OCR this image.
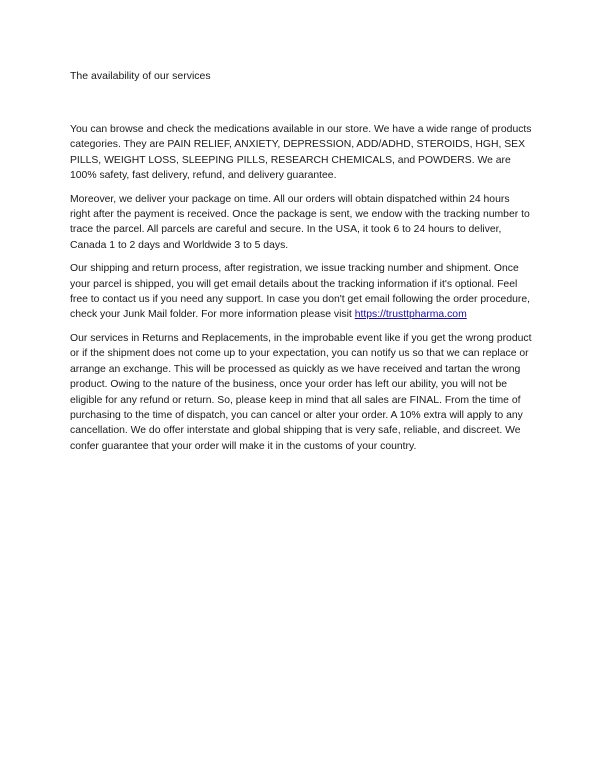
The availability of our services

You can browse and check the medications available in our store. We have a wide range of products categories. They are PAIN RELIEF, ANXIETY, DEPRESSION, ADD/ADHD, STEROIDS, HGH, SEX PILLS, WEIGHT LOSS, SLEEPING PILLS, RESEARCH CHEMICALS, and POWDERS. We are 100% safety, fast delivery, refund, and delivery guarantee.

Moreover, we deliver your package on time. All our orders will obtain dispatched within 24 hours right after the payment is received. Once the package is sent, we endow with the tracking number to trace the parcel. All parcels are careful and secure. In the USA, it took 6 to 24 hours to deliver, Canada 1 to 2 days and Worldwide 3 to 5 days.

Our shipping and return process, after registration, we issue tracking number and shipment. Once your parcel is shipped, you will get email details about the tracking information if it's optional. Feel free to contact us if you need any support. In case you don't get email following the order procedure, check your Junk Mail folder. For more information please visit https://trusttpharma.com

Our services in Returns and Replacements, in the improbable event like if you get the wrong product or if the shipment does not come up to your expectation, you can notify us so that we can replace or arrange an exchange. This will be processed as quickly as we have received and tartan the wrong product. Owing to the nature of the business, once your order has left our ability, you will not be eligible for any refund or return. So, please keep in mind that all sales are FINAL. From the time of purchasing to the time of dispatch, you can cancel or alter your order. A 10% extra will apply to any cancellation. We do offer interstate and global shipping that is very safe, reliable, and discreet. We confer guarantee that your order will make it in the customs of your country.
